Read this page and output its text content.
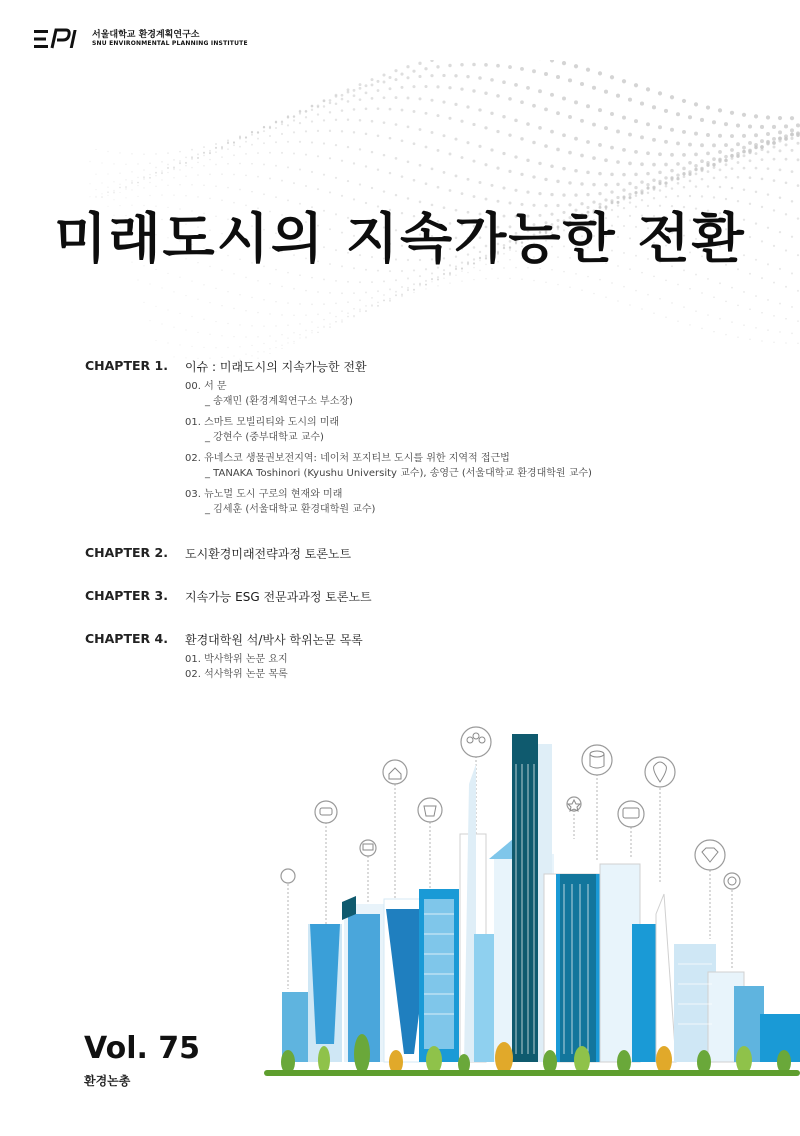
서울대학교 환경계획연구소
SNU ENVIRONMENTAL PLANNING INSTITUTE
미래도시의 지속가능한 전환
CHAPTER 1.	이슈 : 미래도시의 지속가능한 전환
00. 서 문
_ 송재민 (환경계획연구소 부소장)
01. 스마트 모빌리티와 도시의 미래
_ 강현수 (중부대학교 교수)
02. 유네스코 생물권보전지역: 네이처 포지티브 도시를 위한 지역적 접근법
_ TANAKA Toshinori (Kyushu University 교수), 송영근 (서울대학교 환경대학원 교수)
03. 뉴노멀 도시 구로의 현재와 미래
_ 김세훈 (서울대학교 환경대학원 교수)
CHAPTER 2.	도시환경미래전략과정 토론노트
CHAPTER 3.	지속가능 ESG 전문과과정 토론노트
CHAPTER 4.	환경대학원 석/박사 학위논문 목록
01. 박사학위 논문 요지
02. 석사학위 논문 목록
Vol. 75
환경논총
